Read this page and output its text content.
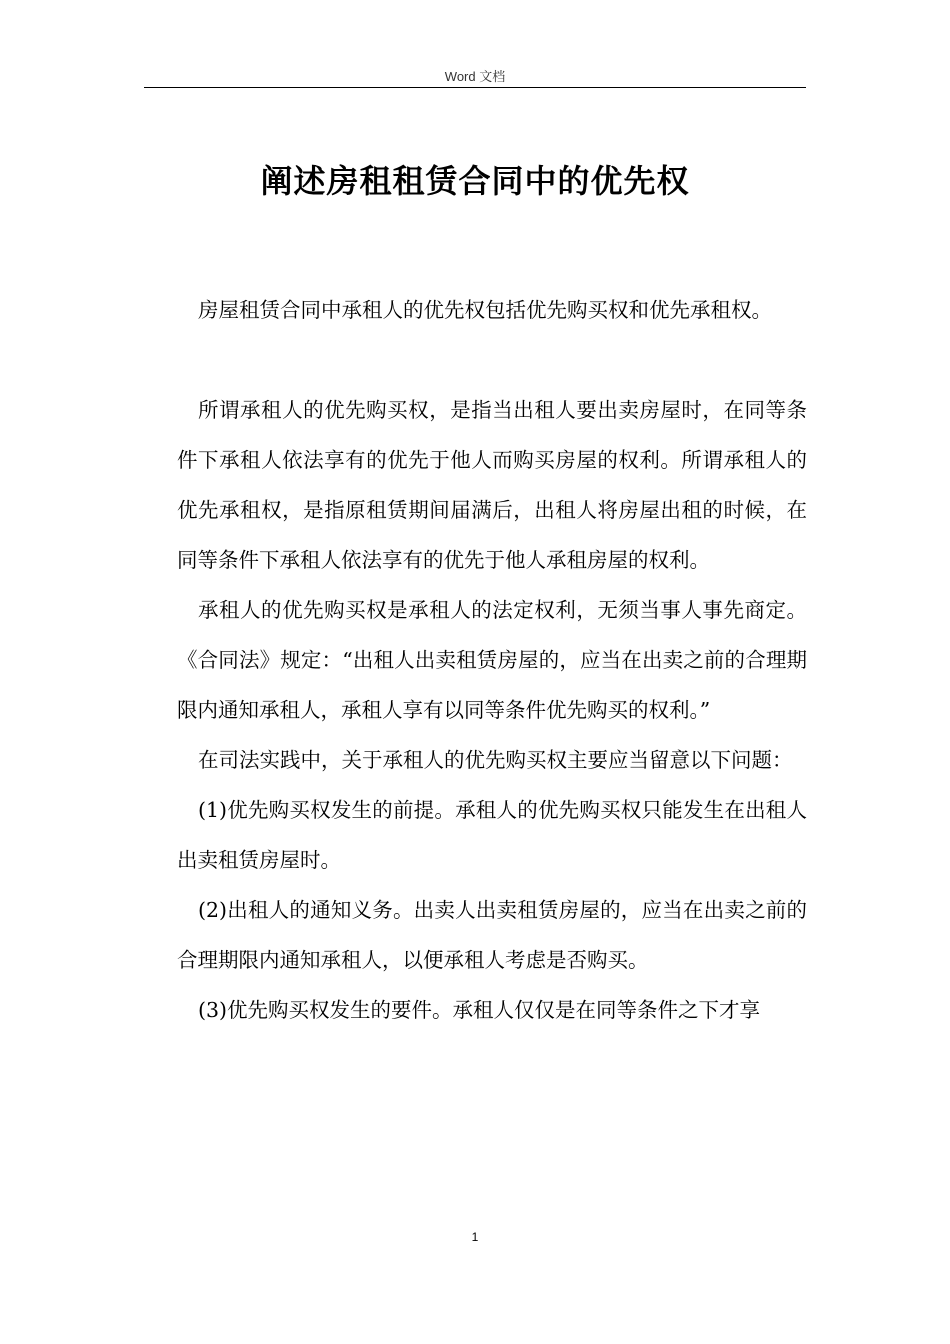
Word 文档
阐述房租租赁合同中的优先权

房屋租赁合同中承租人的优先权包括优先购买权和优先承租权。

所谓承租人的优先购买权，是指当出租人要出卖房屋时，在同等条件下承租人依法享有的优先于他人而购买房屋的权利。所谓承租人的优先承租权，是指原租赁期间届满后，出租人将房屋出租的时候，在同等条件下承租人依法享有的优先于他人承租房屋的权利。

承租人的优先购买权是承租人的法定权利，无须当事人事先商定。《合同法》规定：“出租人出卖租赁房屋的，应当在出卖之前的合理期限内通知承租人，承租人享有以同等条件优先购买的权利。”

在司法实践中，关于承租人的优先购买权主要应当留意以下问题：

(1)优先购买权发生的前提。承租人的优先购买权只能发生在出租人出卖租赁房屋时。

(2)出租人的通知义务。出卖人出卖租赁房屋的，应当在出卖之前的合理期限内通知承租人，以便承租人考虑是否购买。

(3)优先购买权发生的要件。承租人仅仅是在同等条件之下才享

1
